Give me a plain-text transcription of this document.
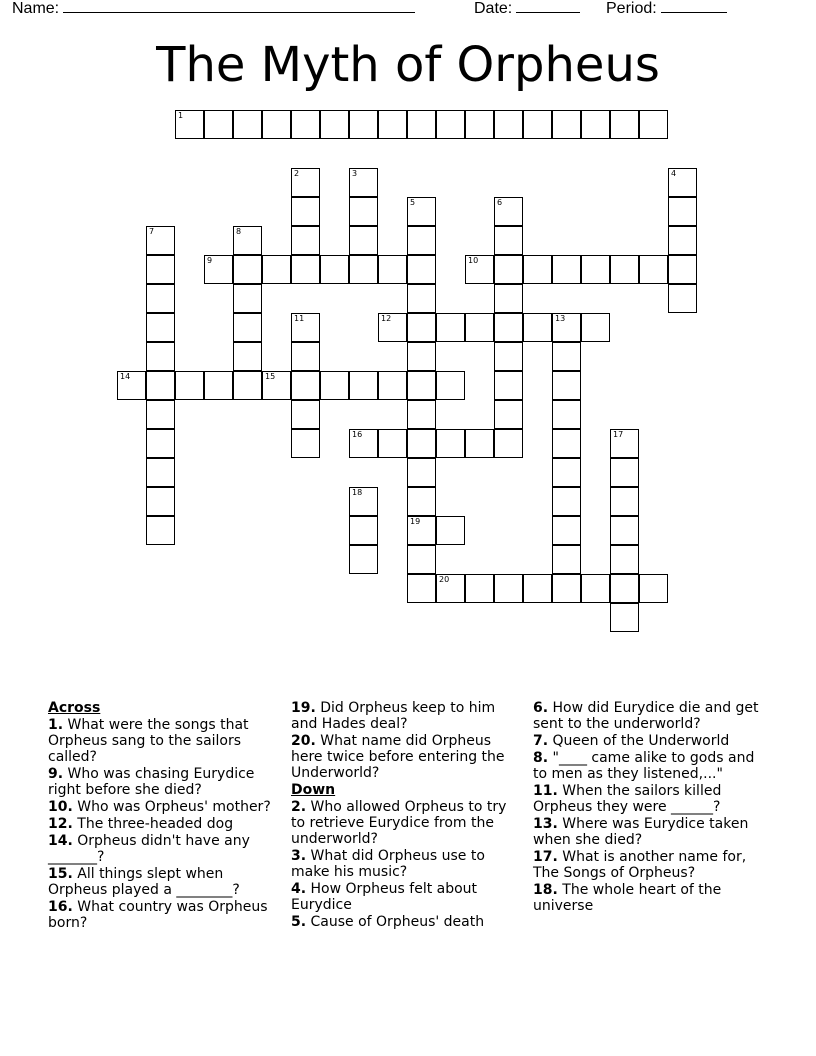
Name:	Date:	Period:
The Myth of Orpheus
1
9	10
12	13
14	15
16
19
20
2	3	4
5	6
7	8
11
17
18
Across
1. What were the songs that Orpheus sang to the sailors called?
9. Who was chasing Eurydice right before she died?
10. Who was Orpheus' mother?
12. The three-headed dog
14. Orpheus didn't have any _______?
15. All things slept when Orpheus played a ________?
16. What country was Orpheus born?
19. Did Orpheus keep to him and Hades deal?
20. What name did Orpheus here twice before entering the Underworld?
Down
2. Who allowed Orpheus to try to retrieve Eurydice from the underworld?
3. What did Orpheus use to make his music?
4. How Orpheus felt about Eurydice
5. Cause of Orpheus' death
6. How did Eurydice die and get sent to the underworld?
7. Queen of the Underworld
8. "____ came alike to gods and to men as they listened,..."
11. When the sailors killed Orpheus they were ______?
13. Where was Eurydice taken when she died?
17. What is another name for, The Songs of Orpheus?
18. The whole heart of the universe
